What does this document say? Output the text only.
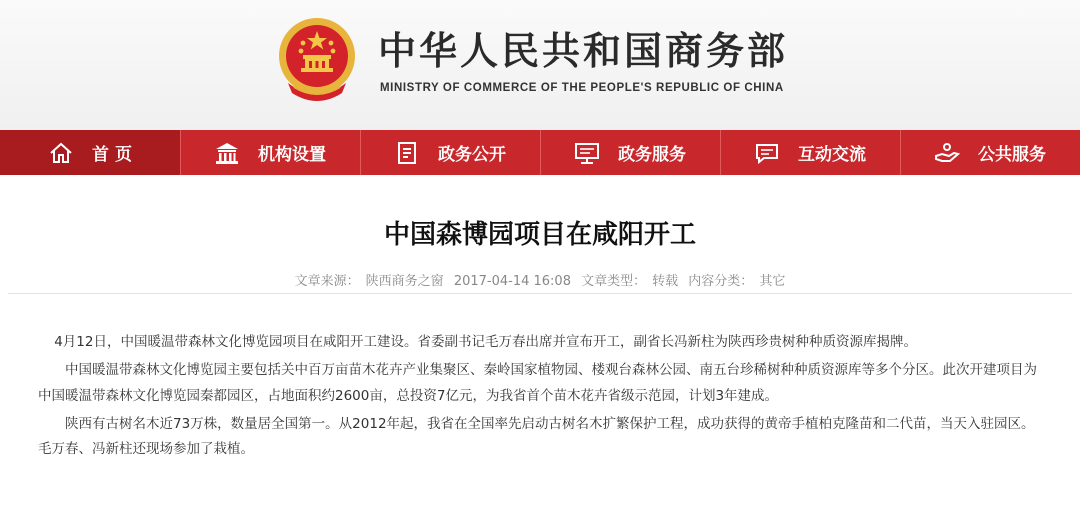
中华人民共和国商务部
MINISTRY OF COMMERCE OF THE PEOPLE'S REPUBLIC OF CHINA
首 页	机构设置	政务公开	政务服务	互动交流	公共服务
中国森博园项目在咸阳开工
文章来源： 陕西商务之窗 2017-04-14 16:08 文章类型： 转载 内容分类： 其它

4月12日，中国暖温带森林文化博览园项目在咸阳开工建设。省委副书记毛万春出席并宣布开工，副省长冯新柱为陕西珍贵树种种质资源库揭牌。

中国暖温带森林文化博览园主要包括关中百万亩苗木花卉产业集聚区、秦岭国家植物园、楼观台森林公园、南五台珍稀树种种质资源库等多个分区。此次开建项目为中国暖温带森林文化博览园秦都园区，占地面积约2600亩，总投资7亿元，为我省首个苗木花卉省级示范园，计划3年建成。

陕西有古树名木近73万株，数量居全国第一。从2012年起，我省在全国率先启动古树名木扩繁保护工程，成功获得的黄帝手植柏克隆苗和二代苗，当天入驻园区。毛万春、冯新柱还现场参加了栽植。
